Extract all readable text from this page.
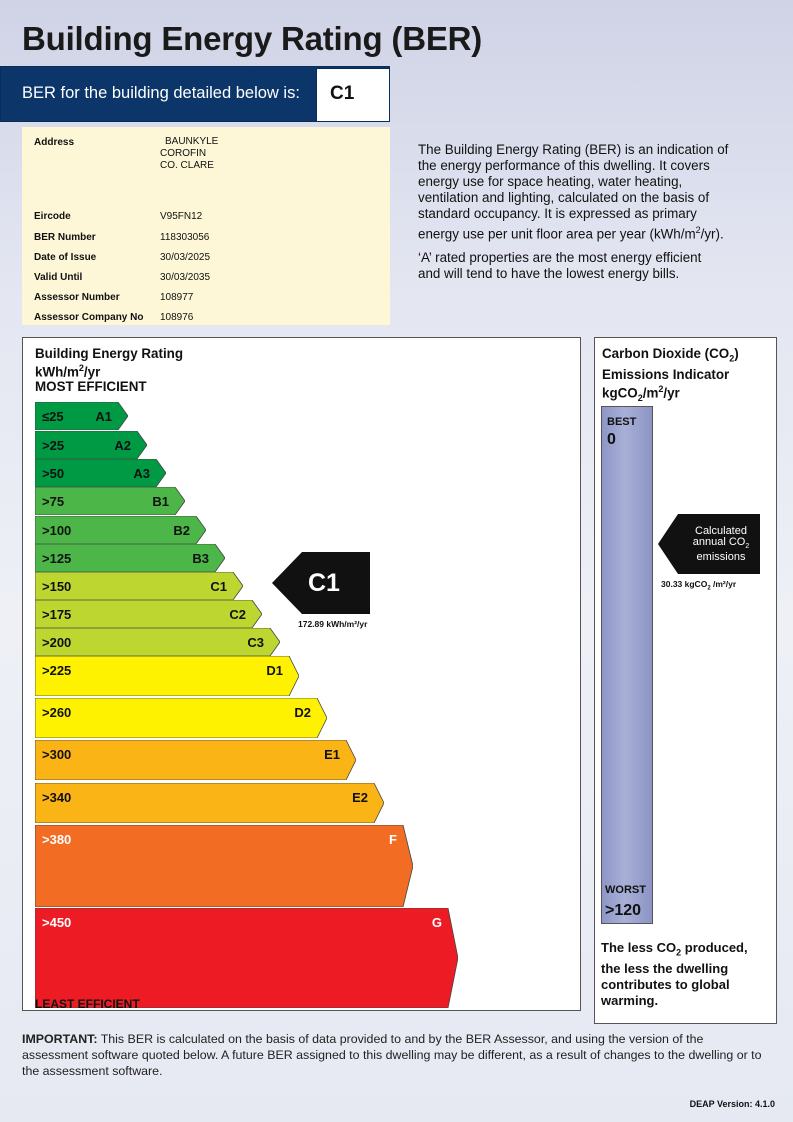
Building Energy Rating (BER)
BER for the building detailed below is: C1
Address	BAUNKYLE
COROFIN
CO. CLARE
Eircode	V95FN12
BER Number	118303056
Date of Issue	30/03/2025
Valid Until	30/03/2035
Assessor Number	108977
Assessor Company No 108976
The Building Energy Rating (BER) is an indication of
the energy performance of this dwelling. It covers
energy use for space heating, water heating,
ventilation and lighting, calculated on the basis of
standard occupancy. It is expressed as primary
energy use per unit floor area per year $(kWh/m^2/yr)$.
‘A’ rated properties are the most energy efficient
and will tend to have the lowest energy bills.
Building Energy Rating
kWh/$m^2/yr$
MOST EFFICIENT
≤25 A1
>25	A2
>50	A3
>75	B1
>100	B2
>125	B3
>150	C1
>175	C2
>200	C3
>225	D1
>260	D2
>300	E1
>340	E2
>380	F
>450	G
C1
172.89 kWh/m²/yr
LEAST EFFICIENT
Carbon Dioxide $(CO_2)$
Emissions Indicator
$kgCO_2/m^2/yr$
BEST
0
WORST
>120
Calculated
annual $CO_2$
emissions
30.33 kgCO$_2$ /m²/yr
The less $CO_2$ produced,
the less the dwelling
contributes to global
warming.
IMPORTANT: This BER is calculated on the basis of data provided to and by the BER Assessor, and using the version of the assessment software quoted below. A future BER assigned to this dwelling may be different, as a result of changes to the dwelling or to the assessment software.
DEAP Version: 4.1.0
